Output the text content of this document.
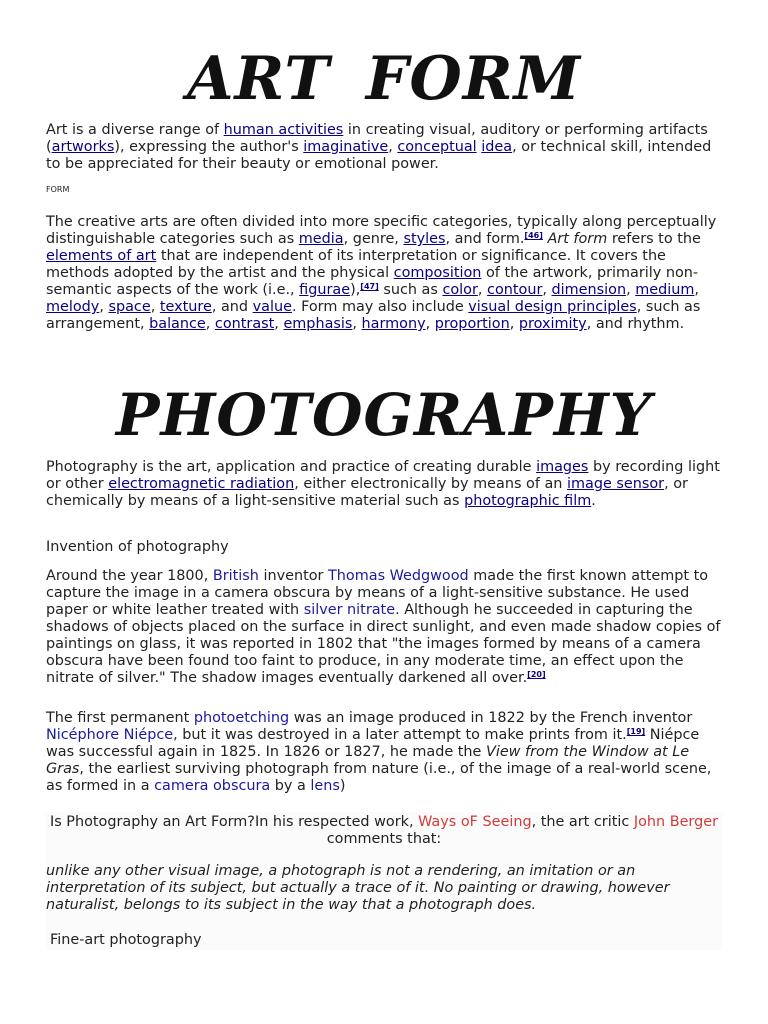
ART FORM

Art is a diverse range of human activities in creating visual, auditory or performing artifacts (artworks), expressing the author's imaginative, conceptual idea, or technical skill, intended to be appreciated for their beauty or emotional power.

FORM

The creative arts are often divided into more specific categories, typically along perceptually distinguishable categories such as media, genre, styles, and form.[46] Art form refers to the elements of art that are independent of its interpretation or significance. It covers the methods adopted by the artist and the physical composition of the artwork, primarily non-semantic aspects of the work (i.e., figurae),[47] such as color, contour, dimension, medium, melody, space, texture, and value. Form may also include visual design principles, such as arrangement, balance, contrast, emphasis, harmony, proportion, proximity, and rhythm.

PHOTOGRAPHY

Photography is the art, application and practice of creating durable images by recording light or other electromagnetic radiation, either electronically by means of an image sensor, or chemically by means of a light-sensitive material such as photographic film.

Invention of photography

Around the year 1800, British inventor Thomas Wedgwood made the first known attempt to capture the image in a camera obscura by means of a light-sensitive substance. He used paper or white leather treated with silver nitrate. Although he succeeded in capturing the shadows of objects placed on the surface in direct sunlight, and even made shadow copies of paintings on glass, it was reported in 1802 that "the images formed by means of a camera obscura have been found too faint to produce, in any moderate time, an effect upon the nitrate of silver." The shadow images eventually darkened all over.[20]

The first permanent photoetching was an image produced in 1822 by the French inventor Nicéphore Niépce, but it was destroyed in a later attempt to make prints from it.[19] Niépce was successful again in 1825. In 1826 or 1827, he made the View from the Window at Le Gras, the earliest surviving photograph from nature (i.e., of the image of a real-world scene, as formed in a camera obscura by a lens)

Is Photography an Art Form?In his respected work, Ways oF Seeing, the art critic John Berger comments that:

unlike any other visual image, a photograph is not a rendering, an imitation or an interpretation of its subject, but actually a trace of it. No painting or drawing, however naturalist, belongs to its subject in the way that a photograph does.

Fine-art photography
